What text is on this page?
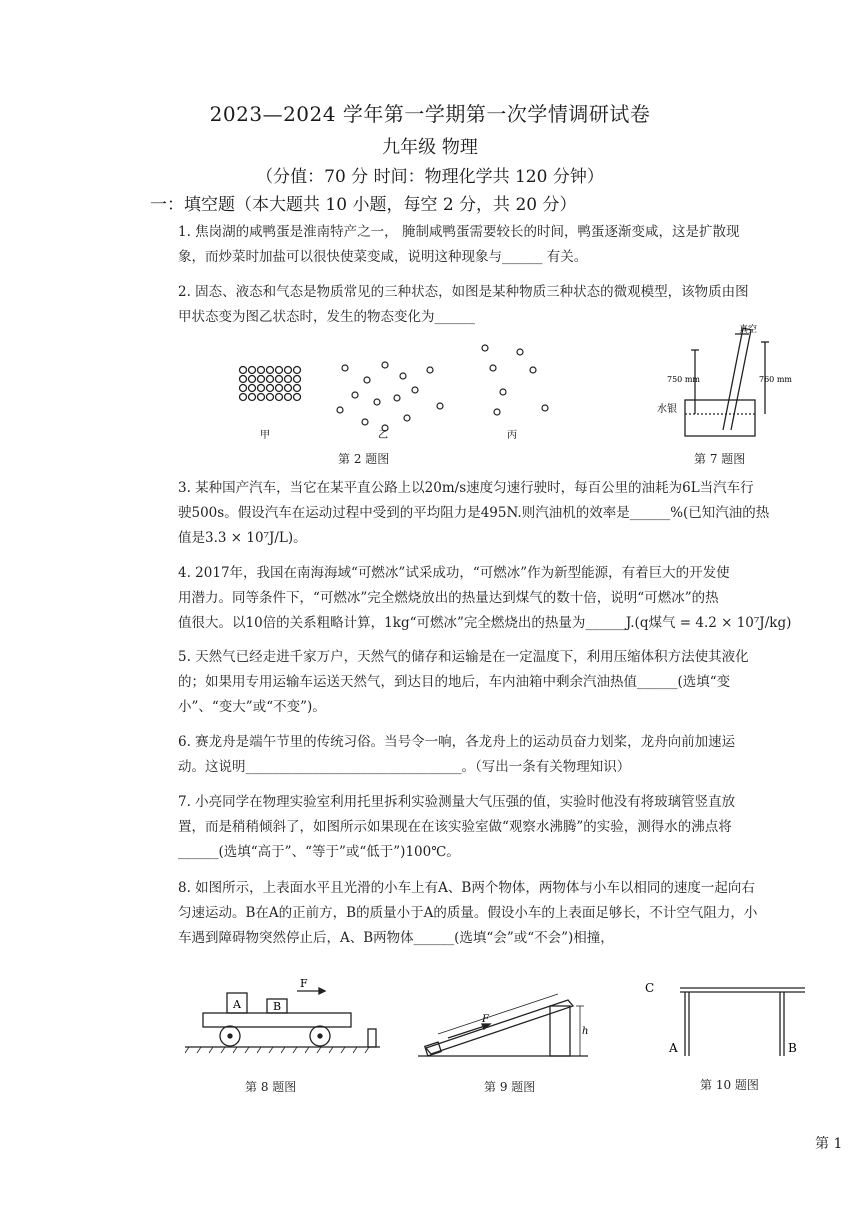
2023—2024 学年第一学期第一次学情调研试卷
九年级 物理
（分值：70 分 时间：物理化学共 120 分钟）
一：填空题（本大题共 10 小题，每空 2 分，共 20 分）
1. 焦岗湖的咸鸭蛋是淮南特产之一， 腌制咸鸭蛋需要较长的时间，鸭蛋逐渐变咸，这是扩散现
象，而炒菜时加盐可以很快使菜变咸，说明这种现象与______ 有关。
2. 固态、液态和气态是物质常见的三种状态，如图是某种物质三种状态的微观模型，该物质由图
甲状态变为图乙状态时，发生的物态变化为______
甲	乙	丙
第 2 题图
真空
750 mm	760 mm
水银
第 7 题图
3. 某种国产汽车，当它在某平直公路上以20m/s速度匀速行驶时，每百公里的油耗为6L当汽车行
驶500s。假设汽车在运动过程中受到的平均阻力是495N.则汽油机的效率是______%(已知汽油的热
值是3.3 × 10⁷J/L)。
4. 2017年，我国在南海海域“可燃冰”试采成功，“可燃冰”作为新型能源，有着巨大的开发使
用潜力。同等条件下，“可燃冰”完全燃烧放出的热量达到煤气的数十倍，说明“可燃冰”的热
值很大。以10倍的关系粗略计算，1kg“可燃冰”完全燃烧出的热量为______J.(q煤气 = 4.2 × 10⁷J/kg)
5. 天然气已经走进千家万户，天然气的储存和运输是在一定温度下，利用压缩体积方法使其液化
的；如果用专用运输车运送天然气，到达目的地后，车内油箱中剩余汽油热值______(选填“变
小”、“变大”或“不变”)。
6. 赛龙舟是端午节里的传统习俗。当号令一响，各龙舟上的运动员奋力划桨，龙舟向前加速运
动。这说明________________________________。（写出一条有关物理知识）
7. 小亮同学在物理实验室利用托里拆利实验测量大气压强的值，实验时他没有将玻璃管竖直放
置，而是稍稍倾斜了，如图所示如果现在在该实验室做“观察水沸腾”的实验，测得水的沸点将
______(选填“高于”、“等于”或“低于”)100℃。
8. 如图所示，上表面水平且光滑的小车上有A、B两个物体，两物体与小车以相同的速度一起向右
匀速运动。B在A的正前方，B的质量小于A的质量。假设小车的上表面足够长，不计空气阻力，小
车遇到障碍物突然停止后，A、B两物体______(选填“会”或“不会”)相撞，
A	B
F
第 8 题图
F
h
第 9 题图
C
A	B
第 10 题图
第 1
